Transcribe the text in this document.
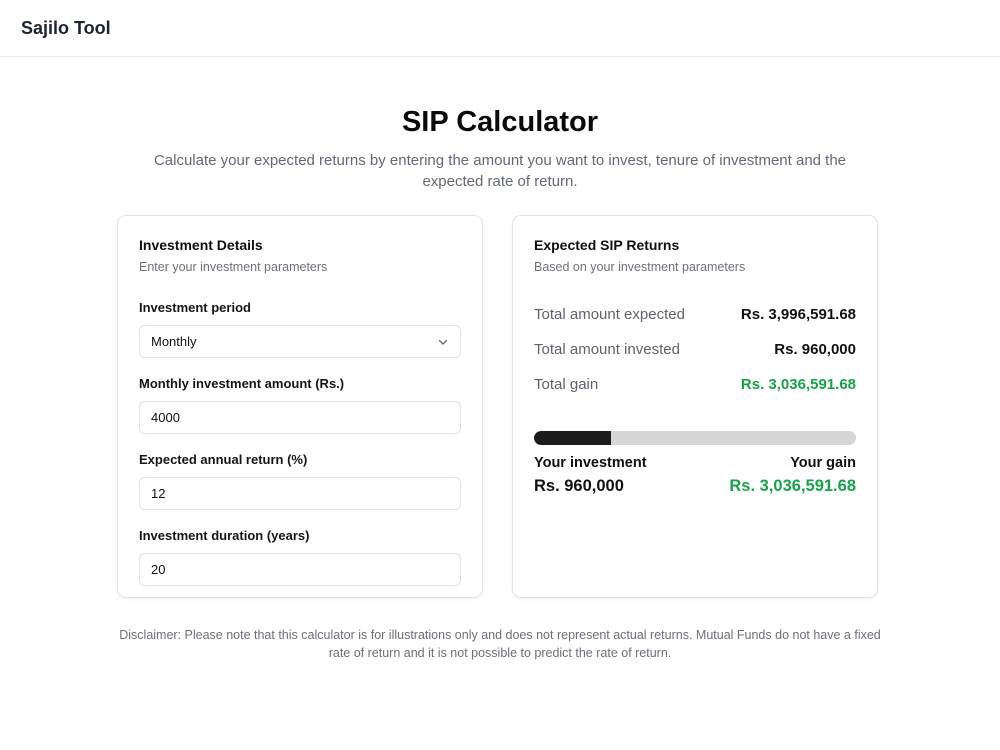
Sajilo Tool
SIP Calculator

Calculate your expected returns by entering the amount you want to invest, tenure of investment and the expected rate of return.

Investment Details
Enter your investment parameters
Investment period
Monthly
Monthly investment amount (Rs.)
4000
Expected annual return (%)
12
Investment duration (years)
20
Expected SIP Returns
Based on your investment parameters
Total amount expected	Rs. 3,996,591.68
Total amount invested	Rs. 960,000
Total gain	Rs. 3,036,591.68
Your investment
Rs. 960,000
Your gain
Rs. 3,036,591.68

Disclaimer: Please note that this calculator is for illustrations only and does not represent actual returns. Mutual Funds do not have a fixed rate of return and it is not possible to predict the rate of return.
